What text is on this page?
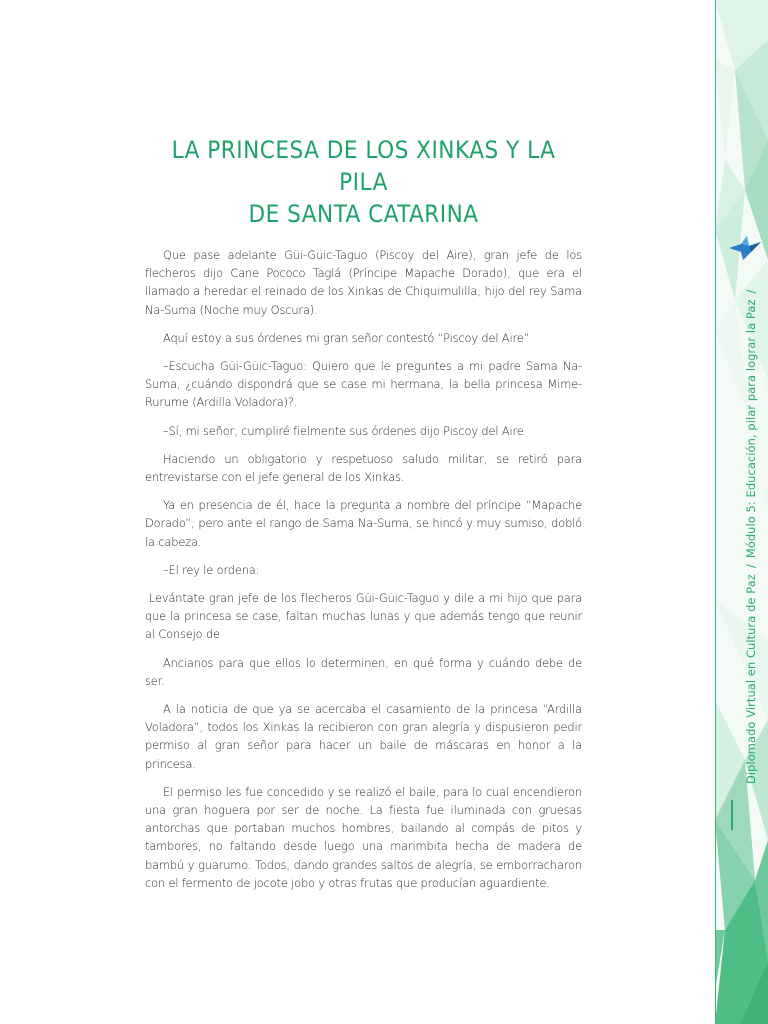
LA PRINCESA DE LOS XINKAS Y LA PILA
DE SANTA CATARINA

Que pase adelante Güi-Güic-Taguo (Piscoy del Aire), gran jefe de los flecheros dijo Cane Pococo Taglá (Príncipe Mapache Dorado), que era el llamado a heredar el reinado de los Xinkas de Chiquimulilla; hijo del rey Sama Na-Suma (Noche muy Oscura).

Aquí estoy a sus órdenes mi gran señor contestó “Piscoy del Aire”

–Escucha Güi-Güic-Taguo: Quiero que le preguntes a mi padre Sama Na-Suma, ¿cuándo dispondrá que se case mi hermana, la bella princesa Mime-Rurume (Ardilla Voladora)?.

–Sí, mi señor; cumpliré fielmente sus órdenes dijo Piscoy del Aire

Haciendo un obligatorio y respetuoso saludo militar, se retiró para entrevistarse con el jefe general de los Xinkas.

Ya en presencia de él, hace la pregunta a nombre del príncipe “Mapache Dorado”; pero ante el rango de Sama Na-Suma, se hincó y muy sumiso, dobló la cabeza.

–El rey le ordena:

Levántate gran jefe de los flecheros Güi-Güic-Taguo y dile a mi hijo que para que la princesa se case, faltan muchas lunas y que además tengo que reunir al Consejo de

Ancianos para que ellos lo determinen, en qué forma y cuándo debe de ser.

A la noticia de que ya se acercaba el casamiento de la princesa “Ardilla Voladora”, todos los Xinkas la recibieron con gran alegría y dispusieron pedir permiso al gran señor para hacer un baile de máscaras en honor a la princesa.

El permiso les fue concedido y se realizó el baile, para lo cual encendieron una gran hoguera por ser de noche. La fiesta fue iluminada con gruesas antorchas que portaban muchos hombres, bailando al compás de pitos y tambores, no faltando desde luego una marimbita hecha de madera de bambú y guarumo. Todos, dando grandes saltos de alegría, se emborracharon con el fermento de jocote jobo y otras frutas que producían aguardiente.

Diplomado Virtual en Cultura de Paz/Módulo 5: Educación, pilar para lograr la Paz/
